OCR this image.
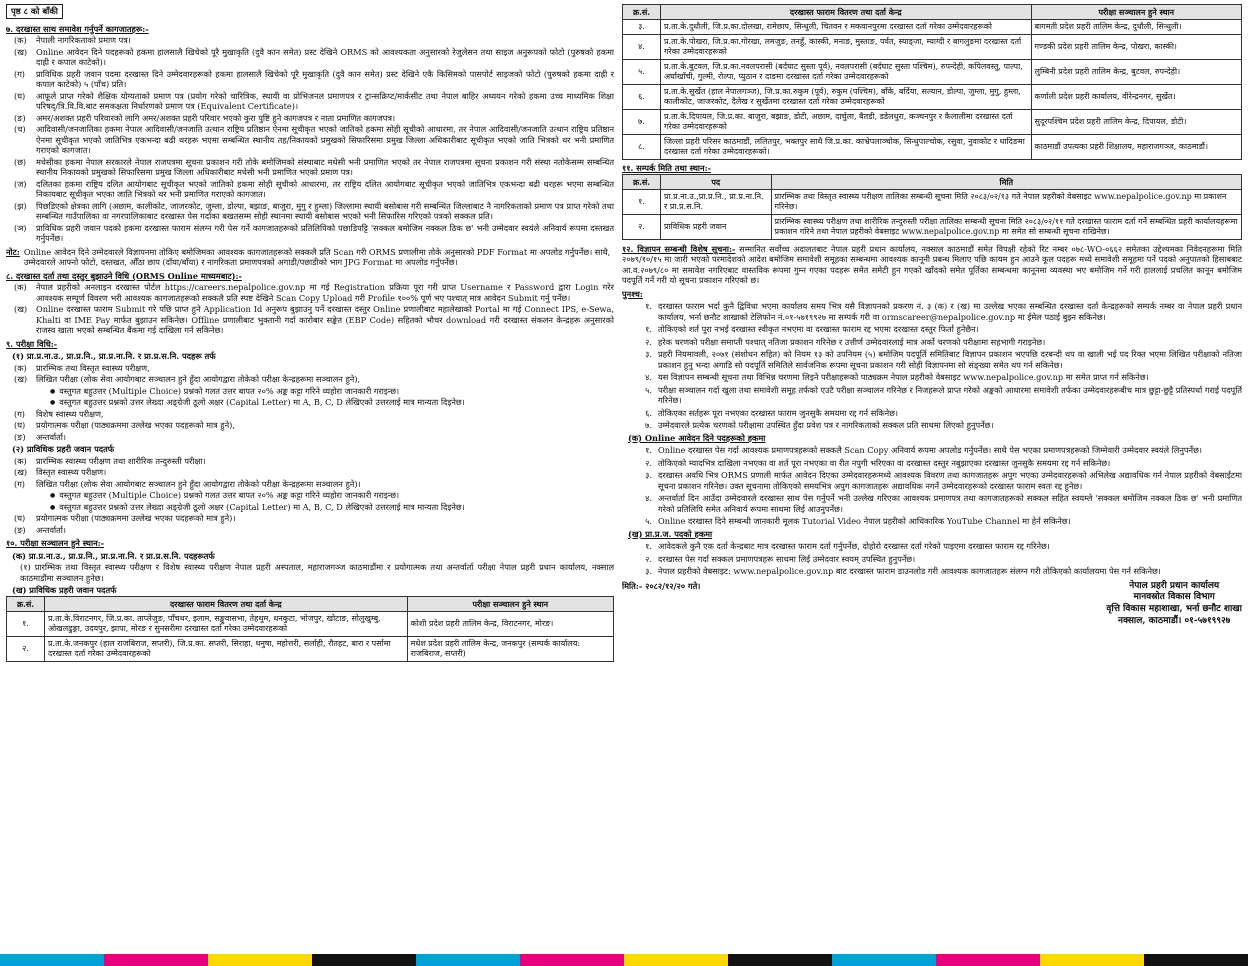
पृष्ठ ८ को बाँकी
७. दरखास्त साथ समावेश गर्नुपर्ने कागजातहरू:-
(क)	नेपाली नागरिकताको प्रमाण पत्र।
(ख)	Online आवेदन दिने पदहरूको हकमा हालसालै खिचेको पूरै मुखाकृति (दुवै कान समेत) प्रस्ट देखिने ORMS को आवश्यकता अनुसारको रेजुलेसन तथा साइज अनुरूपको फोटो (पुरुषको हकमा दाह्री र कपाल काटेको)।
(ग)	प्राविधिक प्रहरी जवान पदमा दरखास्त दिने उम्मेदवारहरूको हकमा हालसालै खिचेको पूरै मुखाकृति (दुवै कान समेत) प्रस्ट देखिने एकै किसिमको पासपोर्ट साइजको फोटो (पुरुषको हकमा दाह्री र कपाल काटेको) ५ (पाँच) प्रति।
(घ)	आफूले प्राप्त गरेको शैक्षिक योग्यताको प्रमाण पत्र (प्रयोग गरेको चारित्रिक, स्थायी वा प्रोभिजनल प्रमाणपत्र र ट्रान्सक्रिप्ट/मार्कसीट तथा नेपाल बाहिर अध्ययन गरेको हकमा उच्च माध्यमिक शिक्षा परिषद्/त्रि.वि.वि.बाट समकक्षता निर्धारणको प्रमाण पत्र (Equivalent Certificate)।
(ङ)	अमर/अशक्त प्रहरी परिवारको लागि अमर/अशक्त प्रहरी परिवार भएको कुरा पुष्टि हुने कागजपत्र र नाता प्रमाणित कागजपत्र।
(च)	आदिवासी/जनजातिका हकमा नेपाल आदिवासी/जनजाति उत्थान राष्ट्रिय प्रतिष्ठान ऐनमा सूचीकृत भएको जातिको हकमा सोही सूचीको आधारमा, तर नेपाल आदिवासी/जनजाति उत्थान राष्ट्रिय प्रतिष्ठान ऐनमा सूचीकृत भएको जातिभित्र एकभन्दा बढी थरहरू भएमा सम्बन्धित स्थानीय तह/निकायको प्रमुखको सिफारिसमा प्रमुख जिल्ला अधिकारीबाट सूचीकृत भएको जाति भित्रको थर भनी प्रमाणित गराएको कागजात।
(छ)	मधेसीका हकमा नेपाल सरकारले नेपाल राजपत्रमा सूचना प्रकाशन गरी तोके बमोजिमको संस्थाबाट मधेसी भनी प्रमाणित भएको तर नेपाल राजपत्रमा सूचना प्रकाशन गरी संस्था नतोकेसम्म सम्बन्धित स्थानीय निकायको प्रमुखको सिफारिसमा प्रमुख जिल्ला अधिकारीबाट मधेसी भनी प्रमाणित भएको प्रमाण पत्र।
(ज)	दलितका हकमा राष्ट्रिय दलित आयोगबाट सूचीकृत भएको जातिको हकमा सोही सूचीको आधारमा, तर राष्ट्रिय दलित आयोगबाट सूचीकृत भएको जातिभित्र एकभन्दा बढी थरहरू भएमा सम्बन्धित निकायबाट सूचीकृत भएका जाति भित्रको थर भनी प्रमाणित गराएको कागजात।
(झ)	पिछडिएको क्षेत्रका लागि (अछाम, कालीकोट, जाजरकोट, जुम्ला, डोल्पा, बझाङ, बाजुरा, मुगु र हुम्ला) जिल्लामा स्थायी बसोबास गरी सम्बन्धित जिल्लाबाट नै नागरिकताको प्रमाण पत्र प्राप्त गरेको तथा सम्बन्धित गाउँपालिका वा नगरपालिकाबाट दरखास्त पेस गर्दाका बखतसम्म सोही स्थानमा स्थायी बसोबास भएको भनी सिफारिस गरिएको पत्रको सक्कल प्रति।
(ञ)	प्राविधिक प्रहरी जवान पदको हकमा दरखास्त फाराम संलग्न गरी पेस गर्ने कागजातहरूको प्रतिलिपिको पछाडिपट्टि 'सक्कल बमोजिम नक्कल ठिक छ' भनी उम्मेदवार स्वयंले अनिवार्य रूपमा दस्तखत गर्नुपर्नेछ।
नोट: Online आवेदन दिने उम्मेदवारले विज्ञापनमा तोकिए बमोजिमका आवश्यक कागजातहरूको सक्कलै प्रति Scan गरी ORMS प्रणालीमा तोके अनुसारको PDF Format मा अपलोड गर्नुपर्नेछ। साथै, उम्मेदवारले आफ्नो फोटो, दस्तखत, औँठा छाप (दाँया/बाँया) र नागरिकता प्रमाणपत्रको अगाडी/पछाडीको भाग JPG Format मा अपलोड गर्नुपर्नेछ।
८. दरखास्त दर्ता तथा दस्तुर बुझाउने विधि (ORMS Online माध्यमबाट):-
(क)	नेपाल प्रहरीको अनलाइन दरखास्त पोर्टल https://careers.nepalpolice.gov.np मा गई Registration प्रक्रिया पूरा गरी प्राप्त Username र Password द्वारा Login गरेर आवश्यक सम्पूर्ण विवरण भरी आवश्यक कागजातहरूको सक्कलै प्रति स्पष्ट देखिने Scan Copy Upload गरी Profile १००% पूर्ण भए पश्चात् मात्र आवेदन Submit गर्नु पर्नेछ।
(ख)	Online दरखास्त फाराम Submit गरे पछि प्राप्त हुने Application Id अनुरूप बुझाउनु पर्ने दरखास्त दस्तुर Online प्रणालीबाट महालेखाको Portal मा गई Connect IPS, e-Sewa, Khalti वा IME Pay मार्फत बुझाउन सकिनेछ। Offline प्रणालीबाट भुक्तानी गर्दा कारोबार सङ्केत (EBP Code) सहितको भौचर download गरी दरखास्त संकलन केन्द्रहरू अनुसारको राजस्व खाता भएको सम्बन्धित बैंकमा गई दाखिला गर्न सकिनेछ।
९. परीक्षा विधि:-
(१) प्रा.प्र.ना.उ., प्रा.प्र.नि., प्रा.प्र.ना.नि. र प्रा.प्र.स.नि. पदहरू तर्फ
(क)	प्रारम्भिक तथा विस्तृत स्वास्थ्य परीक्षण,
(ख)	लिखित परीक्षा (लोक सेवा आयोगबाट सञ्चालन हुने हुँदा आयोगद्वारा तोकेको परीक्षा केन्द्रहरूमा सञ्चालन हुने),
● वस्तुगत बहुउत्तर (Multiple Choice) प्रश्नको गलत उत्तर बापत २०% अङ्क कट्टा गरिने व्यहोरा जानकारी गराइन्छ।
● वस्तुगत बहुउत्तर प्रश्नको उत्तर लेख्दा अङ्ग्रेजी ठूलो अक्षर (Capital Letter) मा A, B, C, D लेखिएको उत्तरलाई मात्र मान्यता दिइनेछ।
(ग)	विशेष स्वास्थ्य परीक्षण,
(घ)	प्रयोगात्मक परीक्षा (पाठ्यक्रममा उल्लेख भएका पदहरूको मात्र हुने),
(ङ)	अन्तर्वार्ता।
(२) प्राविधिक प्रहरी जवान पदतर्फ
(क)	प्रारम्भिक स्वास्थ्य परीक्षण तथा शारीरिक तन्दुरुस्ती परीक्षा।
(ख)	विस्तृत स्वास्थ्य परीक्षण।
(ग)	लिखित परीक्षा (लोक सेवा आयोगबाट सञ्चालन हुने हुँदा आयोगद्वारा तोकेको परीक्षा केन्द्रहरूमा सञ्चालन हुने)।
● वस्तुगत बहुउत्तर (Multiple Choice) प्रश्नको गलत उत्तर बापत २०% अङ्क कट्टा गरिने व्यहोरा जानकारी गराइन्छ।
● वस्तुगत बहुउत्तर प्रश्नको उत्तर लेख्दा अङ्ग्रेजी ठूलो अक्षर (Capital Letter) मा A, B, C, D लेखिएको उत्तरलाई मात्र मान्यता दिइनेछ।
(घ)	प्रयोगात्मक परीक्षा (पाठ्यक्रममा उल्लेख भएका पदहरूको मात्र हुने)।
(ङ)	अन्तर्वार्ता।
१०. परीक्षा सञ्चालन हुने स्थान:-
(क) प्रा.प्र.ना.उ., प्रा.प्र.नि., प्रा.प्र.ना.नि. र प्रा.प्र.स.नि. पदहरूतर्फ
(१) प्रारम्भिक तथा विस्तृत स्वास्थ्य परीक्षण र विशेष स्वास्थ्य परीक्षण नेपाल प्रहरी अस्पताल, महाराजगञ्ज काठमाडौंमा र प्रयोगात्मक तथा अन्तर्वार्ता परीक्षा नेपाल प्रहरी प्रधान कार्यालय, नक्साल काठमाडौंमा सञ्चालन हुनेछ।
(ख) प्राविधिक प्रहरी जवान पदतर्फ
क्र.सं.	दरखास्त फाराम वितरण तथा दर्ता केन्द्र	परीक्षा सञ्चालन हुने स्थान
१.	प्र.ता.के.विराटनगर, जि.प्र.का. ताप्लेजुङ, पाँचथर, इलाम, सङ्खुवासभा, तेहथुम, धनकुटा, भोजपुर, खोटाङ, सोलुखुम्बु, ओखलढुङ्गा, उदयपुर, झापा, मोरङ र सुनसरीमा दरखास्त दर्ता गरेका उम्मेदवारहरूको	कोशी प्रदेश प्रहरी तालिम केन्द्र, विराटनगर, मोरङ।
२.	प्र.ता.के.जनकपुर (हाल राजबिराज, सप्तरी), जि.प्र.का. सप्तरी, सिराहा, धनुषा, महोत्तरी, सर्लाही, रौतहट, बारा र पर्सामा दरखास्त दर्ता गरेका उम्मेदवारहरूको	मधेश प्रदेश प्रहरी तालिम केन्द्र, जनकपुर (सम्पर्क कार्यालय: राजबिराज, सप्तरी)
क्र.सं.	दरखास्त फाराम वितरण तथा दर्ता केन्द्र	परीक्षा सञ्चालन हुने स्थान
३.	प्र.ता.के.दुधौली, जि.प्र.का.दोलखा, रामेछाप, सिन्धुली, चितवन र मकवानपुरमा दरखास्त दर्ता गरेका उम्मेदवारहरूको	बागमती प्रदेश प्रहरी तालिम केन्द्र, दुधौली, सिन्धुली।
४.	प्र.ता.के.पोखरा, जि.प्र.का.गोरखा, लमजुङ, तनहुँ, कास्की, मनाङ, मुस्ताङ, पर्वत, स्याङ्जा, म्याग्दी र बागलुङमा दरखास्त दर्ता गरेका उम्मेदवारहरूको	गण्डकी प्रदेश प्रहरी तालिम केन्द्र, पोखरा, कास्की।
५.	प्र.ता.के.बुटवल, जि.प्र.का.नवलपरासी (बर्दघाट सुस्ता पूर्व), नवलपरासी (बर्दघाट सुस्ता पश्चिम), रुपन्देही, कपिलवस्तु, पाल्पा, अर्घाखाँची, गुल्मी, रोल्पा, प्युठान र दाङमा दरखास्त दर्ता गरेका उम्मेदवारहरूको	लुम्बिनी प्रदेश प्रहरी तालिम केन्द्र, बुटवल, रुपन्देही।
६.	प्र.ता.के.सुर्खेत (हाल नेपालगञ्ज), जि.प्र.का.रुकुम (पूर्व), रुकुम (पश्चिम), बाँके, बर्दिया, सल्यान, डोल्पा, जुम्ला, मुगु, हुम्ला, कालीकोट, जाजरकोट, दैलेख र सुर्खेतमा दरखास्त दर्ता गरेका उम्मेदवारहरूको	कर्णाली प्रदेश प्रहरी कार्यालय, वीरेन्द्रनगर, सुर्खेत।
७.	प्र.ता.के.दिपायल, जि.प्र.का. बाजुरा, बझाङ, डोटी, अछाम, दार्चुला, बैतडी, डडेलधुरा, कञ्चनपुर र कैलालीमा दरखास्त दर्ता गरेका उम्मेदवारहरूको	सुदूरपश्चिम प्रदेश प्रहरी तालिम केन्द्र, दिपायल, डोटी।
८.	जिल्ला प्रहरी परिसर काठमाडौं, ललितपुर, भक्तपुर साथै जि.प्र.का. काभ्रेपलाञ्चोक, सिन्धुपाल्चोक, रसुवा, नुवाकोट र धादिङमा दरखास्त दर्ता गरेका उम्मेदवारहरूको।	काठमाडौं उपत्यका प्रहरी शिक्षालय, महाराजगञ्ज, काठमाडौं।
११. सम्पर्क मिति तथा स्थान:-
क्र.सं.	पद	मिति
१.	प्रा.प्र.ना.उ.,प्रा.प्र.नि., प्रा.प्र.ना.नि. र प्रा.प्र.स.नि.	प्रारम्भिक तथा विस्तृत स्वास्थ्य परीक्षण तालिका सम्बन्धी सूचना मिति २०८३/०२/१३ गते नेपाल प्रहरीको वेबसाइट www.nepalpolice.gov.np मा प्रकाशन गरिनेछ।
२.	प्राविधिक प्रहरी जवान	प्रारम्भिक स्वास्थ्य परीक्षण तथा शारीरिक तन्दुरुस्ती परीक्षा तालिका सम्बन्धी सूचना मिति २०८३/०२/११ गते दरखास्त फाराम दर्ता गर्ने सम्बन्धित प्रहरी कार्यालयहरूमा प्रकाशन गरिने तथा नेपाल प्रहरीको वेबसाइट www.nepalpolice.gov.np मा समेत सो सम्बन्धी सूचना राखिनेछ।
१२. विज्ञापन सम्बन्धी विशेष सूचना:- सम्मानित सर्वोच्च अदालतबाट नेपाल प्रहरी प्रधान कार्यालय, नक्साल काठमाडौं समेत विपक्षी रहेको रिट नम्बर ०७८-WO-०६६२ समेतका उद्देश्यमका निवेदनहरूमा मिति २०७९/१०/१५ मा जारी भएको परमादेशको आदेश बमोजिम समावेशी समूहका सम्बन्धमा आवश्यक कानूनी प्रबन्ध मिलाए पछि कायम हुन आउने कूल पदहरू मध्ये समावेशी समूहमा पर्ने पदको अनुपातको हिसाबबाट आ.व.२०७९/८० मा समावेश नगरिएबाट वास्तविक रूपमा गुम्न गएका पदहरू समेत समेटी हुन गएको खाँदको समेत पूर्तिका सम्बन्धमा कानूनमा व्यवस्था भए बमोजिम गर्ने गरी हाललाई प्रचलित कानून बमोजिम पदपूर्ति गर्ने गरी यो सूचना प्रकाशन गरिएको छ।
पुनश्च:
१. दरखास्त फाराम भर्दा कुनै द्विविधा भएमा कार्यालय समय भित्र यसै विज्ञापनको प्रकरण नं. ३ (क) र (ख) मा उल्लेख भएका सम्बन्धित दरखास्त दर्ता केन्द्रहरूको सम्पर्क नम्बर वा नेपाल प्रहरी प्रधान कार्यालय, भर्ना छनौट शाखाको टेलिफोन नं.०१-५७१९९२७ मा सम्पर्क गरी वा ormscareer@nepalpolice.gov.np मा ईमेल पठाई बुझ्न सकिनेछ।
१. तोकिएको शर्त पूरा नभई दरखास्त स्वीकृत नभएमा वा दरखास्त फाराम रद्द भएमा दरखास्त दस्तुर फिर्ता हुनेछैन।
२. हरेक चरणको परीक्षा समाप्ती पश्चात् नतिजा प्रकाशन गरिनेछ र उत्तीर्ण उम्मेदवारलाई मात्र अर्को चरणको परीक्षामा सहभागी गराइनेछ।
३. प्रहरी नियमावली, २०७१ (संशोधन सहित) को नियम १३ को उपनियम (५) बमोजिम पदपूर्ति समितिबाट विज्ञापन प्रकाशन भएपछि दरबन्दी थप वा खाली भई पद रिक्त भएमा लिखित परीक्षाको नतिजा प्रकाशन हुनु भन्दा अगाडि सो पदपूर्ति समितिले सार्वजनिक रूपमा सूचना प्रकाशन गरी सोही विज्ञापनमा सो संङ्ख्या समेत थप गर्न सकिनेछ।
४. यस विज्ञापन सम्बन्धी सूचना तथा विभिन्न चरणमा लिइने परीक्षाहरूको पाठ्यक्रम नेपाल प्रहरीको वेबसाइट www.nepalpolice.gov.np मा समेत प्राप्त गर्न सकिनेछ।
५. परीक्षा सञ्चालन गर्दा खुला तथा समावेशी समूह तर्फको एउटै परीक्षा सञ्चालन गरिनेछ र निजहरूले प्राप्त गरेको अङ्कको आधारमा समावेशी तर्फका उम्मेदवारहरूबीच मात्र छुट्टा-छुट्टै प्रतिस्पर्धा गराई पदपूर्ति गरिनेछ।
६. तोकिएका सर्तहरू पूरा नभएका दरखास्त फाराम जुनसुकै समयमा रद्द गर्न सकिनेछ।
७. उम्मेदवारले प्रत्येक चरणको परीक्षामा उपस्थित हुँदा प्रवेश पत्र र नागरिकताको सक्कल प्रति साथमा लिएको हुनुपर्नेछ।
(क) Online आवेदन दिने पदहरूको हकमा
१. Online दरखास्त पेस गर्दा आवश्यक प्रमाणपत्रहरूको सक्कलै Scan Copy अनिवार्य रूपमा अपलोड गर्नुपर्नेछ। साथै पेस भएका प्रमाणपत्रहरूको जिम्मेवारी उम्मेदवार स्वयंले लिनुपर्नेछ।
२. तोकिएको म्यादभित्र दाखिला नभएका वा शर्त पूरा नभएका वा रीत नपुगी भरिएका वा दरखास्त दस्तुर नबुझाएका दरखास्त जुनसुकै समयमा रद्द गर्न सकिनेछ।
३. दरखास्त अवधि भित्र ORMS प्रणाली मार्फत आवेदन दिएका उम्मेदवारहरूमध्ये आवश्यक विवरण तथा कागजातहरू अपुग भएका उम्मेदवारहरूको अभिलेख अद्यावधिक गर्न नेपाल प्रहरीको वेबसाईटमा सूचना प्रकाशन गरिनेछ। उक्त सूचनामा तोकिएको समयभित्र अपुग कागजातहरू अद्यावधिक नगर्ने उम्मेदवारहरूको दरखास्त फाराम स्वतः रद्द हुनेछ।
४. अन्तर्वार्ता दिन आउँदा उम्मेदवारले दरखास्त साथ पेस गर्नुपर्ने भनी उल्लेख गरिएका आवश्यक प्रमाणपत्र तथा कागजातहरूको सक्कल सहित स्वयम्ले 'सक्कल बमोजिम नक्कल ठिक छ' भनी प्रमाणित गरेको प्रतिलिपि समेत अनिवार्य रूपमा साथमा लिई आउनुपर्नेछ।
५. Online दरखास्त दिने सम्बन्धी जानकारी मूलक Tutorial Video नेपाल प्रहरीको आधिकारिक YouTube Channel मा हेर्न सकिनेछ।
(ख) प्रा.प्र.ज. पदको हकमा
१. आवेदकले कुनै एक दर्ता केन्द्रबाट मात्र दरखास्त फाराम दर्ता गर्नुपर्नेछ, दोहोरो दरखास्त दर्ता गरेको पाइएमा दरखास्त फाराम रद्द गरिनेछ।
२. दरखास्त पेस गर्दा सक्कल प्रमाणपत्रहरू साथमा लिई उम्मेदवार स्वयम् उपस्थित हुनुपर्नेछ।
३. नेपाल प्रहरीको वेबसाइट: www.nepalpolice.gov.np बाट दरखास्त फाराम डाउनलोड गरी आवश्यक कागजातहरू संलग्न गरी तोकिएको कार्यालयमा पेस गर्न सकिनेछ।
मिति:- २०८२/१२/२० गते।	नेपाल प्रहरी प्रधान कार्यालय
मानवस्रोत विकास विभाग
वृत्ति विकास महाशाखा, भर्ना छनौट शाखा
नक्साल, काठमाडौं। ०१-५७१९९२७
